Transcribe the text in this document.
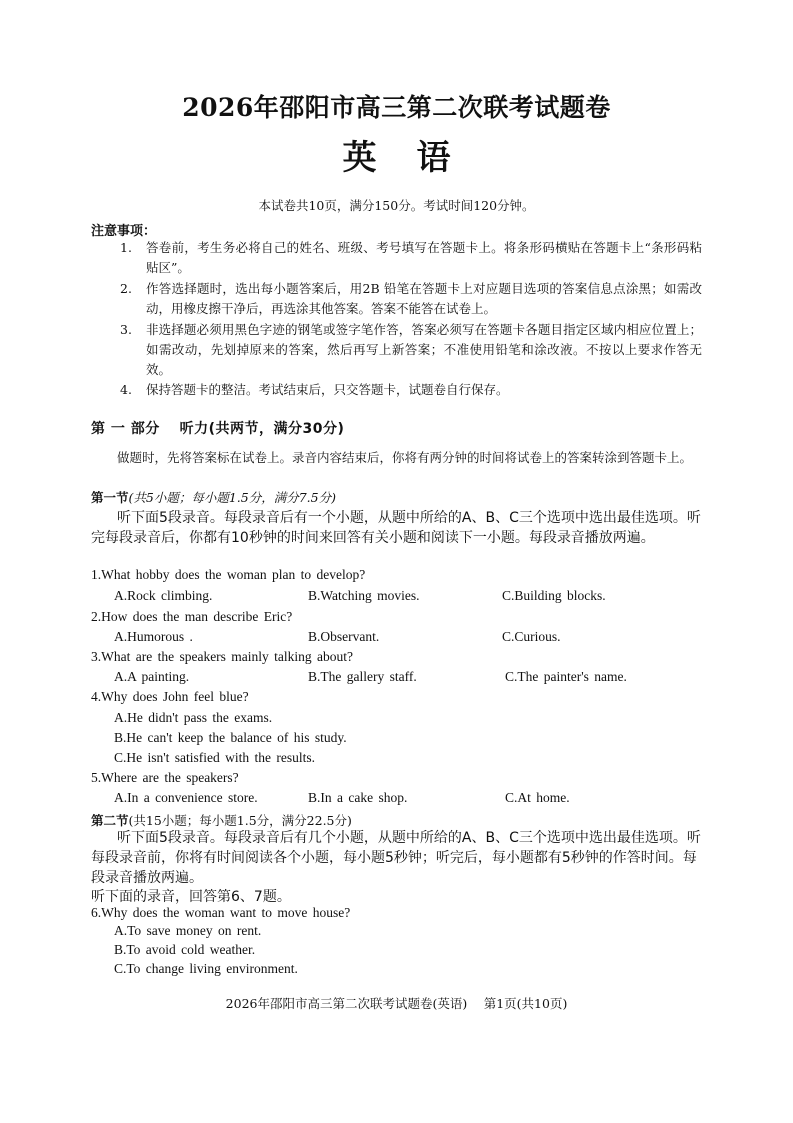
2026年邵阳市高三第二次联考试题卷
英 语
本试卷共10页，满分150分。考试时间120分钟。
注意事项：
1. 答卷前，考生务必将自己的姓名、班级、考号填写在答题卡上。将条形码横贴在答题卡上“条形码粘贴区”。
2. 作答选择题时，选出每小题答案后，用2B 铅笔在答题卡上对应题目选项的答案信息点涂黑；如需改动，用橡皮擦干净后，再选涂其他答案。答案不能答在试卷上。
3. 非选择题必须用黑色字迹的钢笔或签字笔作答，答案必须写在答题卡各题目指定区域内相应位置上；如需改动，先划掉原来的答案，然后再写上新答案；不准使用铅笔和涂改液。不按以上要求作答无效。
4. 保持答题卡的整洁。考试结束后，只交答题卡，试题卷自行保存。
第 一 部分　 听力(共两节，满分30分)
做题时，先将答案标在试卷上。录音内容结束后，你将有两分钟的时间将试卷上的答案转涂到答题卡上。
第一节(共5小题；每小题1.5分，满分7.5分)
听下面5段录音。每段录音后有一个小题，从题中所给的A、B、C三个选项中选出最佳选项。听完每段录音后，你都有10秒钟的时间来回答有关小题和阅读下一小题。每段录音播放两遍。
1.What hobby does the woman plan to develop?
A.Rock climbing.	B.Watching movies.	C.Building blocks.
2.How does the man describe Eric?
A.Humorous .	B.Observant.	C.Curious.
3.What are the speakers mainly talking about?
A.A painting.	B.The gallery staff.	C.The painter's name.
4.Why does John feel blue?
A.He didn't pass the exams.
B.He can't keep the balance of his study.
C.He isn't satisfied with the results.
5.Where are the speakers?
A.In a convenience store.	B.In a cake shop.	C.At home.
第二节(共15小题；每小题1.5分，满分22.5分)
听下面5段录音。每段录音后有几个小题，从题中所给的A、B、C三个选项中选出最佳选项。听每段录音前，你将有时间阅读各个小题，每小题5秒钟；听完后，每小题都有5秒钟的作答时间。每段录音播放两遍。
听下面的录音，回答第6、7题。
6.Why does the woman want to move house?
A.To save money on rent.
B.To avoid cold weather.
C.To change living environment.
2026年邵阳市高三第二次联考试题卷(英语)　 第1页(共10页)
